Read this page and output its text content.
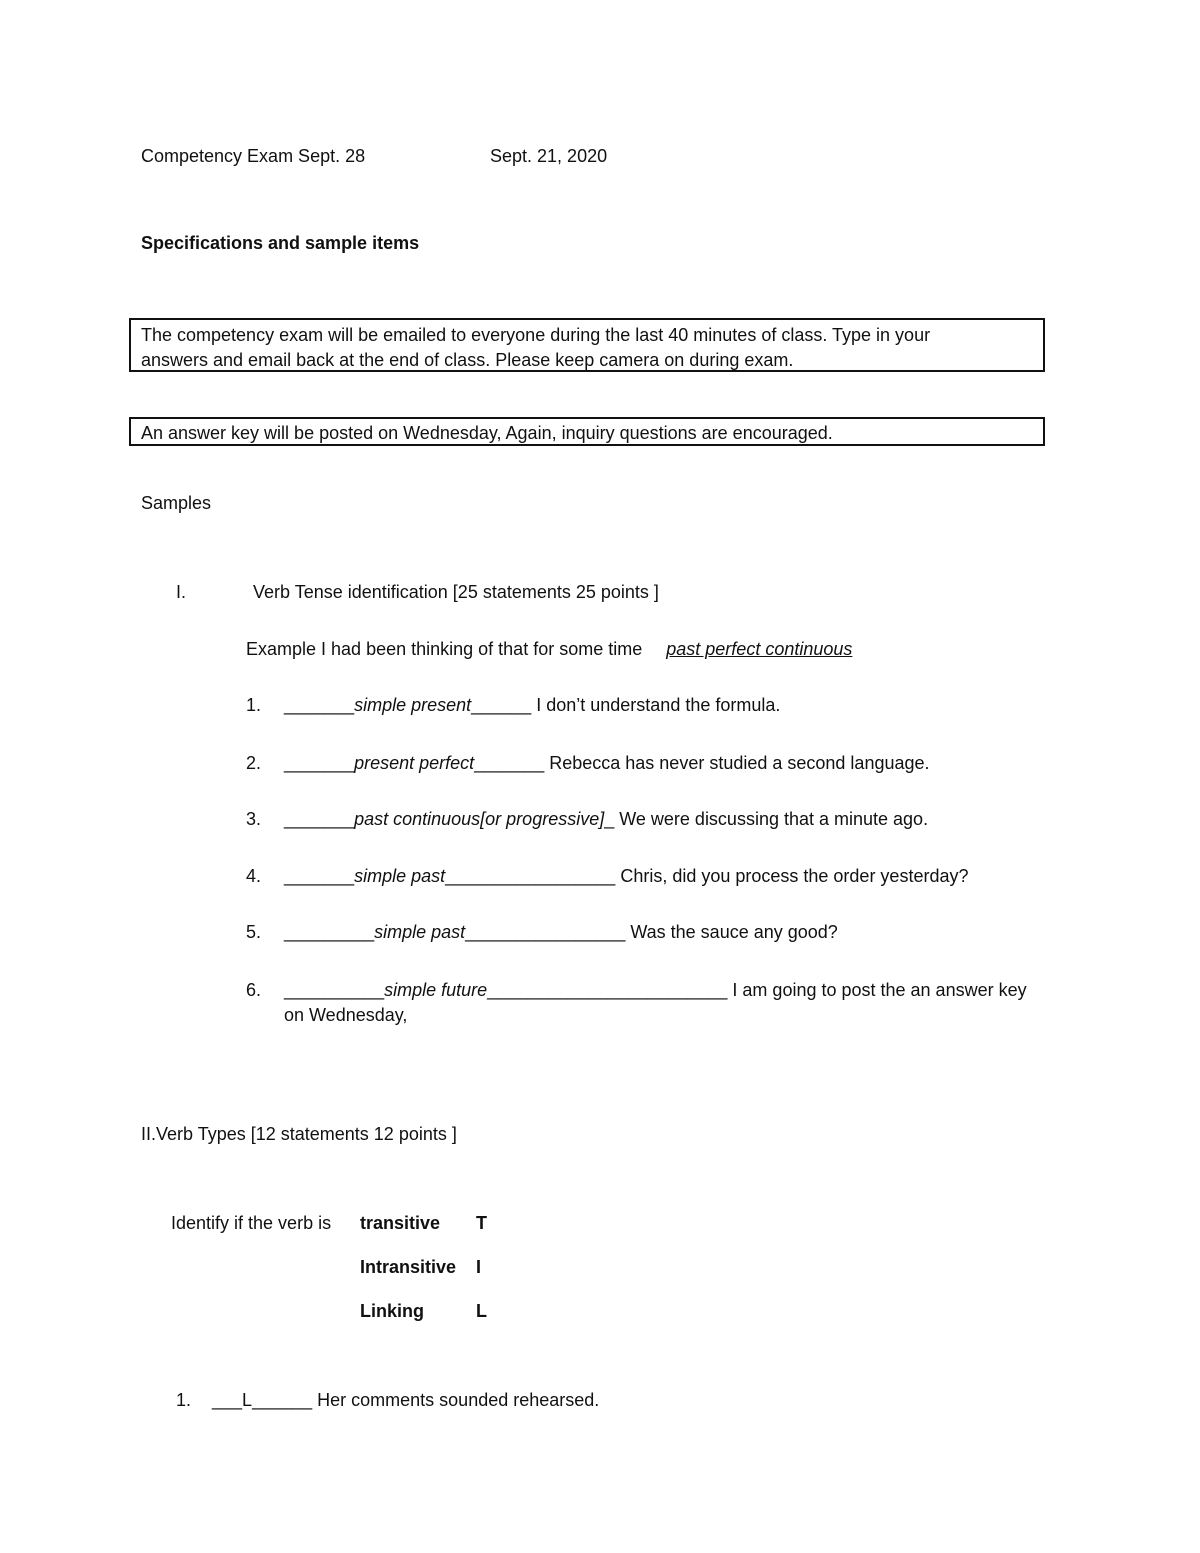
Competency Exam Sept. 28	Sept. 21, 2020
Specifications and sample items

The competency exam will be emailed to everyone during the last 40 minutes of class. Type in your

answers and email back at the end of class. Please keep camera on during exam.

An answer key will be posted on Wednesday, Again, inquiry questions are encouraged.

Samples
I.	Verb Tense identification [25 statements 25 points ]
Example I had been thinking of that for some time past perfect continuous
1. _______simple present______ I don’t understand the formula.
2. _______present perfect_______ Rebecca has never studied a second language.
3. _______past continuous[or progressive]_ We were discussing that a minute ago.
4. _______simple past_________________ Chris, did you process the order yesterday?
5. _________simple past________________ Was the sauce any good?
6. __________simple future________________________ I am going to post the an answer key
on Wednesday,
II.Verb Types [12 statements 12 points ]
Identify if the verb is transitive T
Intransitive I
Linking	L
1. ___L______ Her comments sounded rehearsed.
